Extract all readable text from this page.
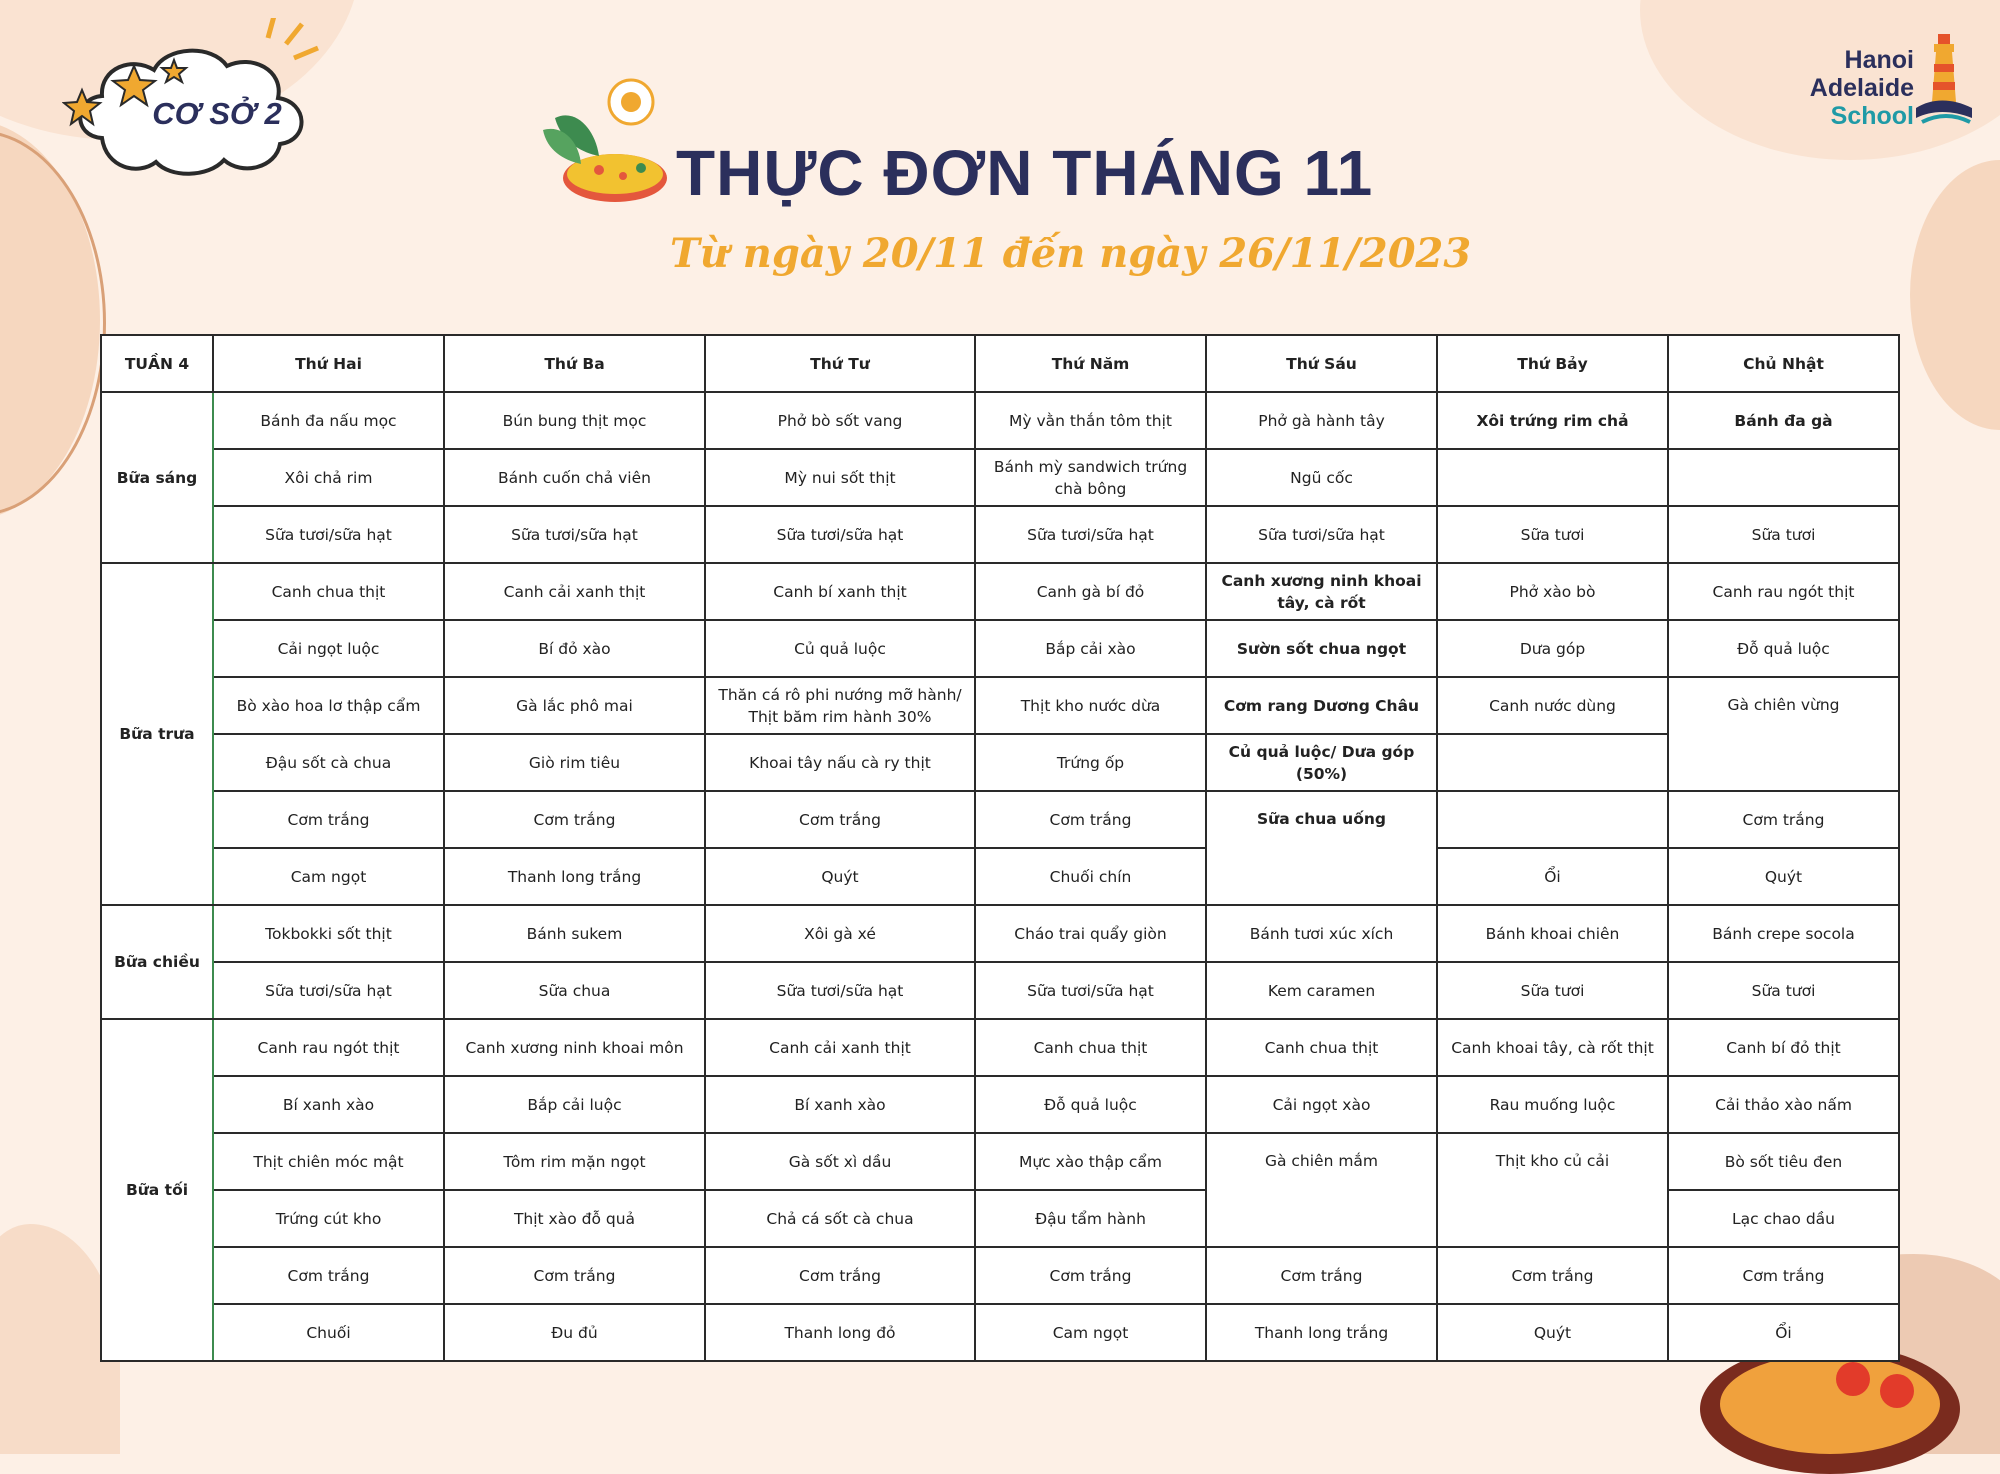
CƠ SỞ 2
Hanoi
Adelaide
School
THỰC ĐƠN THÁNG 11
Từ ngày 20/11 đến ngày 26/11/2023
TUẦN 4	Thứ Hai	Thứ Ba	Thứ Tư	Thứ Năm	Thứ Sáu	Thứ Bảy	Chủ Nhật
Bữa sáng	Bánh đa nấu mọc	Bún bung thịt mọc	Phở bò sốt vang	Mỳ vằn thắn tôm thịt	Phở gà hành tây	Xôi trứng rim chả	Bánh đa gà
	Xôi chả rim	Bánh cuốn chả viên	Mỳ nui sốt thịt	Bánh mỳ sandwich trứng chà bông	Ngũ cốc		
	Sữa tươi/sữa hạt	Sữa tươi/sữa hạt	Sữa tươi/sữa hạt	Sữa tươi/sữa hạt	Sữa tươi/sữa hạt	Sữa tươi	Sữa tươi
Bữa trưa	Canh chua thịt	Canh cải xanh thịt	Canh bí xanh thịt	Canh gà bí đỏ	Canh xương ninh khoai tây, cà rốt	Phở xào bò	Canh rau ngót thịt
	Cải ngọt luộc	Bí đỏ xào	Củ quả luộc	Bắp cải xào	Sườn sốt chua ngọt	Dưa góp	Đỗ quả luộc
	Bò xào hoa lơ thập cẩm	Gà lắc phô mai	Thăn cá rô phi nướng mỡ hành/ Thịt băm rim hành 30%	Thịt kho nước dừa	Cơm rang Dương Châu	Canh nước dùng	Gà chiên vừng
	Đậu sốt cà chua	Giò rim tiêu	Khoai tây nấu cà ry thịt	Trứng ốp	Củ quả luộc/ Dưa góp (50%)		
	Cơm trắng	Cơm trắng	Cơm trắng	Cơm trắng	Sữa chua uống		Cơm trắng
	Cam ngọt	Thanh long trắng	Quýt	Chuối chín		Ổi	Quýt
Bữa chiều	Tokbokki sốt thịt	Bánh sukem	Xôi gà xé	Cháo trai quẩy giòn	Bánh tươi xúc xích	Bánh khoai chiên	Bánh crepe socola
	Sữa tươi/sữa hạt	Sữa chua	Sữa tươi/sữa hạt	Sữa tươi/sữa hạt	Kem caramen	Sữa tươi	Sữa tươi
Bữa tối	Canh rau ngót thịt	Canh xương ninh khoai môn	Canh cải xanh thịt	Canh chua thịt	Canh chua thịt	Canh khoai tây, cà rốt thịt	Canh bí đỏ thịt
	Bí xanh xào	Bắp cải luộc	Bí xanh xào	Đỗ quả luộc	Cải ngọt xào	Rau muống luộc	Cải thảo xào nấm
	Thịt chiên móc mật	Tôm rim mặn ngọt	Gà sốt xì dầu	Mực xào thập cẩm	Gà chiên mắm	Thịt kho củ cải	Bò sốt tiêu đen
	Trứng cút kho	Thịt xào đỗ quả	Chả cá sốt cà chua	Đậu tẩm hành			Lạc chao dầu
	Cơm trắng	Cơm trắng	Cơm trắng	Cơm trắng	Cơm trắng	Cơm trắng	Cơm trắng
	Chuối	Đu đủ	Thanh long đỏ	Cam ngọt	Thanh long trắng	Quýt	Ổi
